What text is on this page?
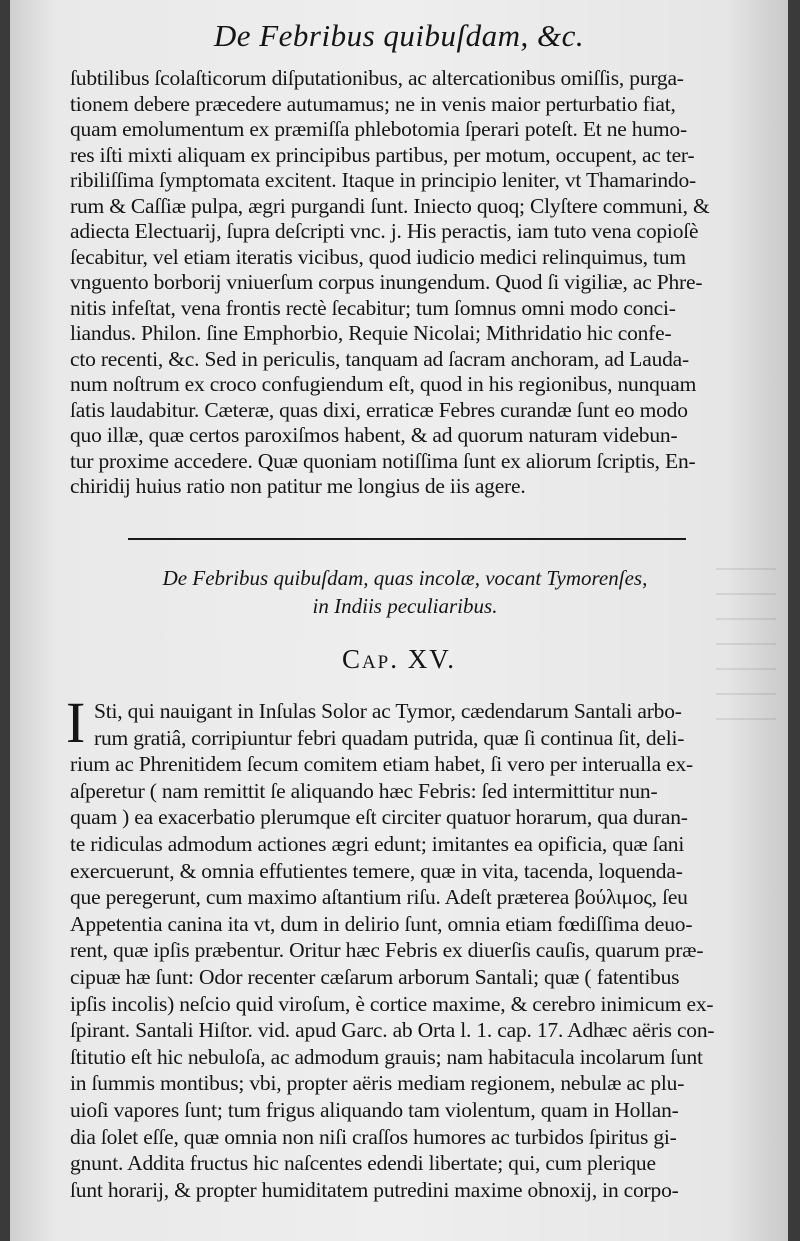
De Febribus quibuſdam, &c.
ſubtilibus ſcolaſticorum diſputationibus, ac altercationibus omiſſis, purga-
tionem debere præcedere autumamus; ne in venis maior perturbatio fiat,
quam emolumentum ex præmiſſa phlebotomia ſperari poteſt. Et ne humo-
res iſti mixti aliquam ex principibus partibus, per motum, occupent, ac ter-
ribiliſſima ſymptomata excitent. Itaque in principio leniter, vt Thamarindo-
rum & Caſſiæ pulpa, ægri purgandi ſunt. Iniecto quoq; Clyſtere communi, &
adiecta Electuarij, ſupra deſcripti vnc. j. His peractis, iam tuto vena copioſè
ſecabitur, vel etiam iteratis vicibus, quod iudicio medici relinquimus, tum
vnguento borborij vniuerſum corpus inungendum. Quod ſi vigiliæ, ac Phre-
nitis infeſtat, vena frontis rectè ſecabitur; tum ſomnus omni modo conci-
liandus. Philon. ſine Emphorbio, Requie Nicolai; Mithridatio hic confe-
cto recenti, &c. Sed in periculis, tanquam ad ſacram anchoram, ad Lauda-
num noſtrum ex croco confugiendum eſt, quod in his regionibus, nunquam
ſatis laudabitur. Cæteræ, quas dixi, erraticæ Febres curandæ ſunt eo modo
quo illæ, quæ certos paroxiſmos habent, & ad quorum naturam videbun-
tur proxime accedere. Quæ quoniam notiſſima ſunt ex aliorum ſcriptis, En-
chiridij huius ratio non patitur me longius de iis agere.
De Febribus quibuſdam, quas incolæ, vocant Tymorenſes,
in Indiis peculiaribus.
Cap. XV.
I Sti, qui nauigant in Inſulas Solor ac Tymor, cædendarum Santali arbo-
rum gratiâ, corripiuntur febri quadam putrida, quæ ſi continua ſit, deli-
rium ac Phrenitidem ſecum comitem etiam habet, ſi vero per interualla ex-
aſperetur ( nam remittit ſe aliquando hæc Febris: ſed intermittitur nun-
quam ) ea exacerbatio plerumque eſt circiter quatuor horarum, qua duran-
te ridiculas admodum actiones ægri edunt; imitantes ea opificia, quæ ſani
exercuerunt, & omnia effutientes temere, quæ in vita, tacenda, loquenda-
que peregerunt, cum maximo aſtantium riſu. Adeſt præterea βούλιμος, ſeu
Appetentia canina ita vt, dum in delirio ſunt, omnia etiam fœdiſſima deuo-
rent, quæ ipſis præbentur. Oritur hæc Febris ex diuerſis cauſis, quarum præ-
cipuæ hæ ſunt: Odor recenter cæſarum arborum Santali; quæ ( fatentibus
ipſis incolis) neſcio quid viroſum, è cortice maxime, & cerebro inimicum ex-
ſpirant. Santali Hiſtor. vid. apud Garc. ab Orta l. 1. cap. 17. Adhæc aëris con-
ſtitutio eſt hic nebuloſa, ac admodum grauis; nam habitacula incolarum ſunt
in ſummis montibus; vbi, propter aëris mediam regionem, nebulæ ac plu-
uioſi vapores ſunt; tum frigus aliquando tam violentum, quam in Hollan-
dia ſolet eſſe, quæ omnia non niſi craſſos humores ac turbidos ſpiritus gi-
gnunt. Addita fructus hic naſcentes edendi libertate; qui, cum plerique
ſunt horarij, & propter humiditatem putredini maxime obnoxij, in corpo-
